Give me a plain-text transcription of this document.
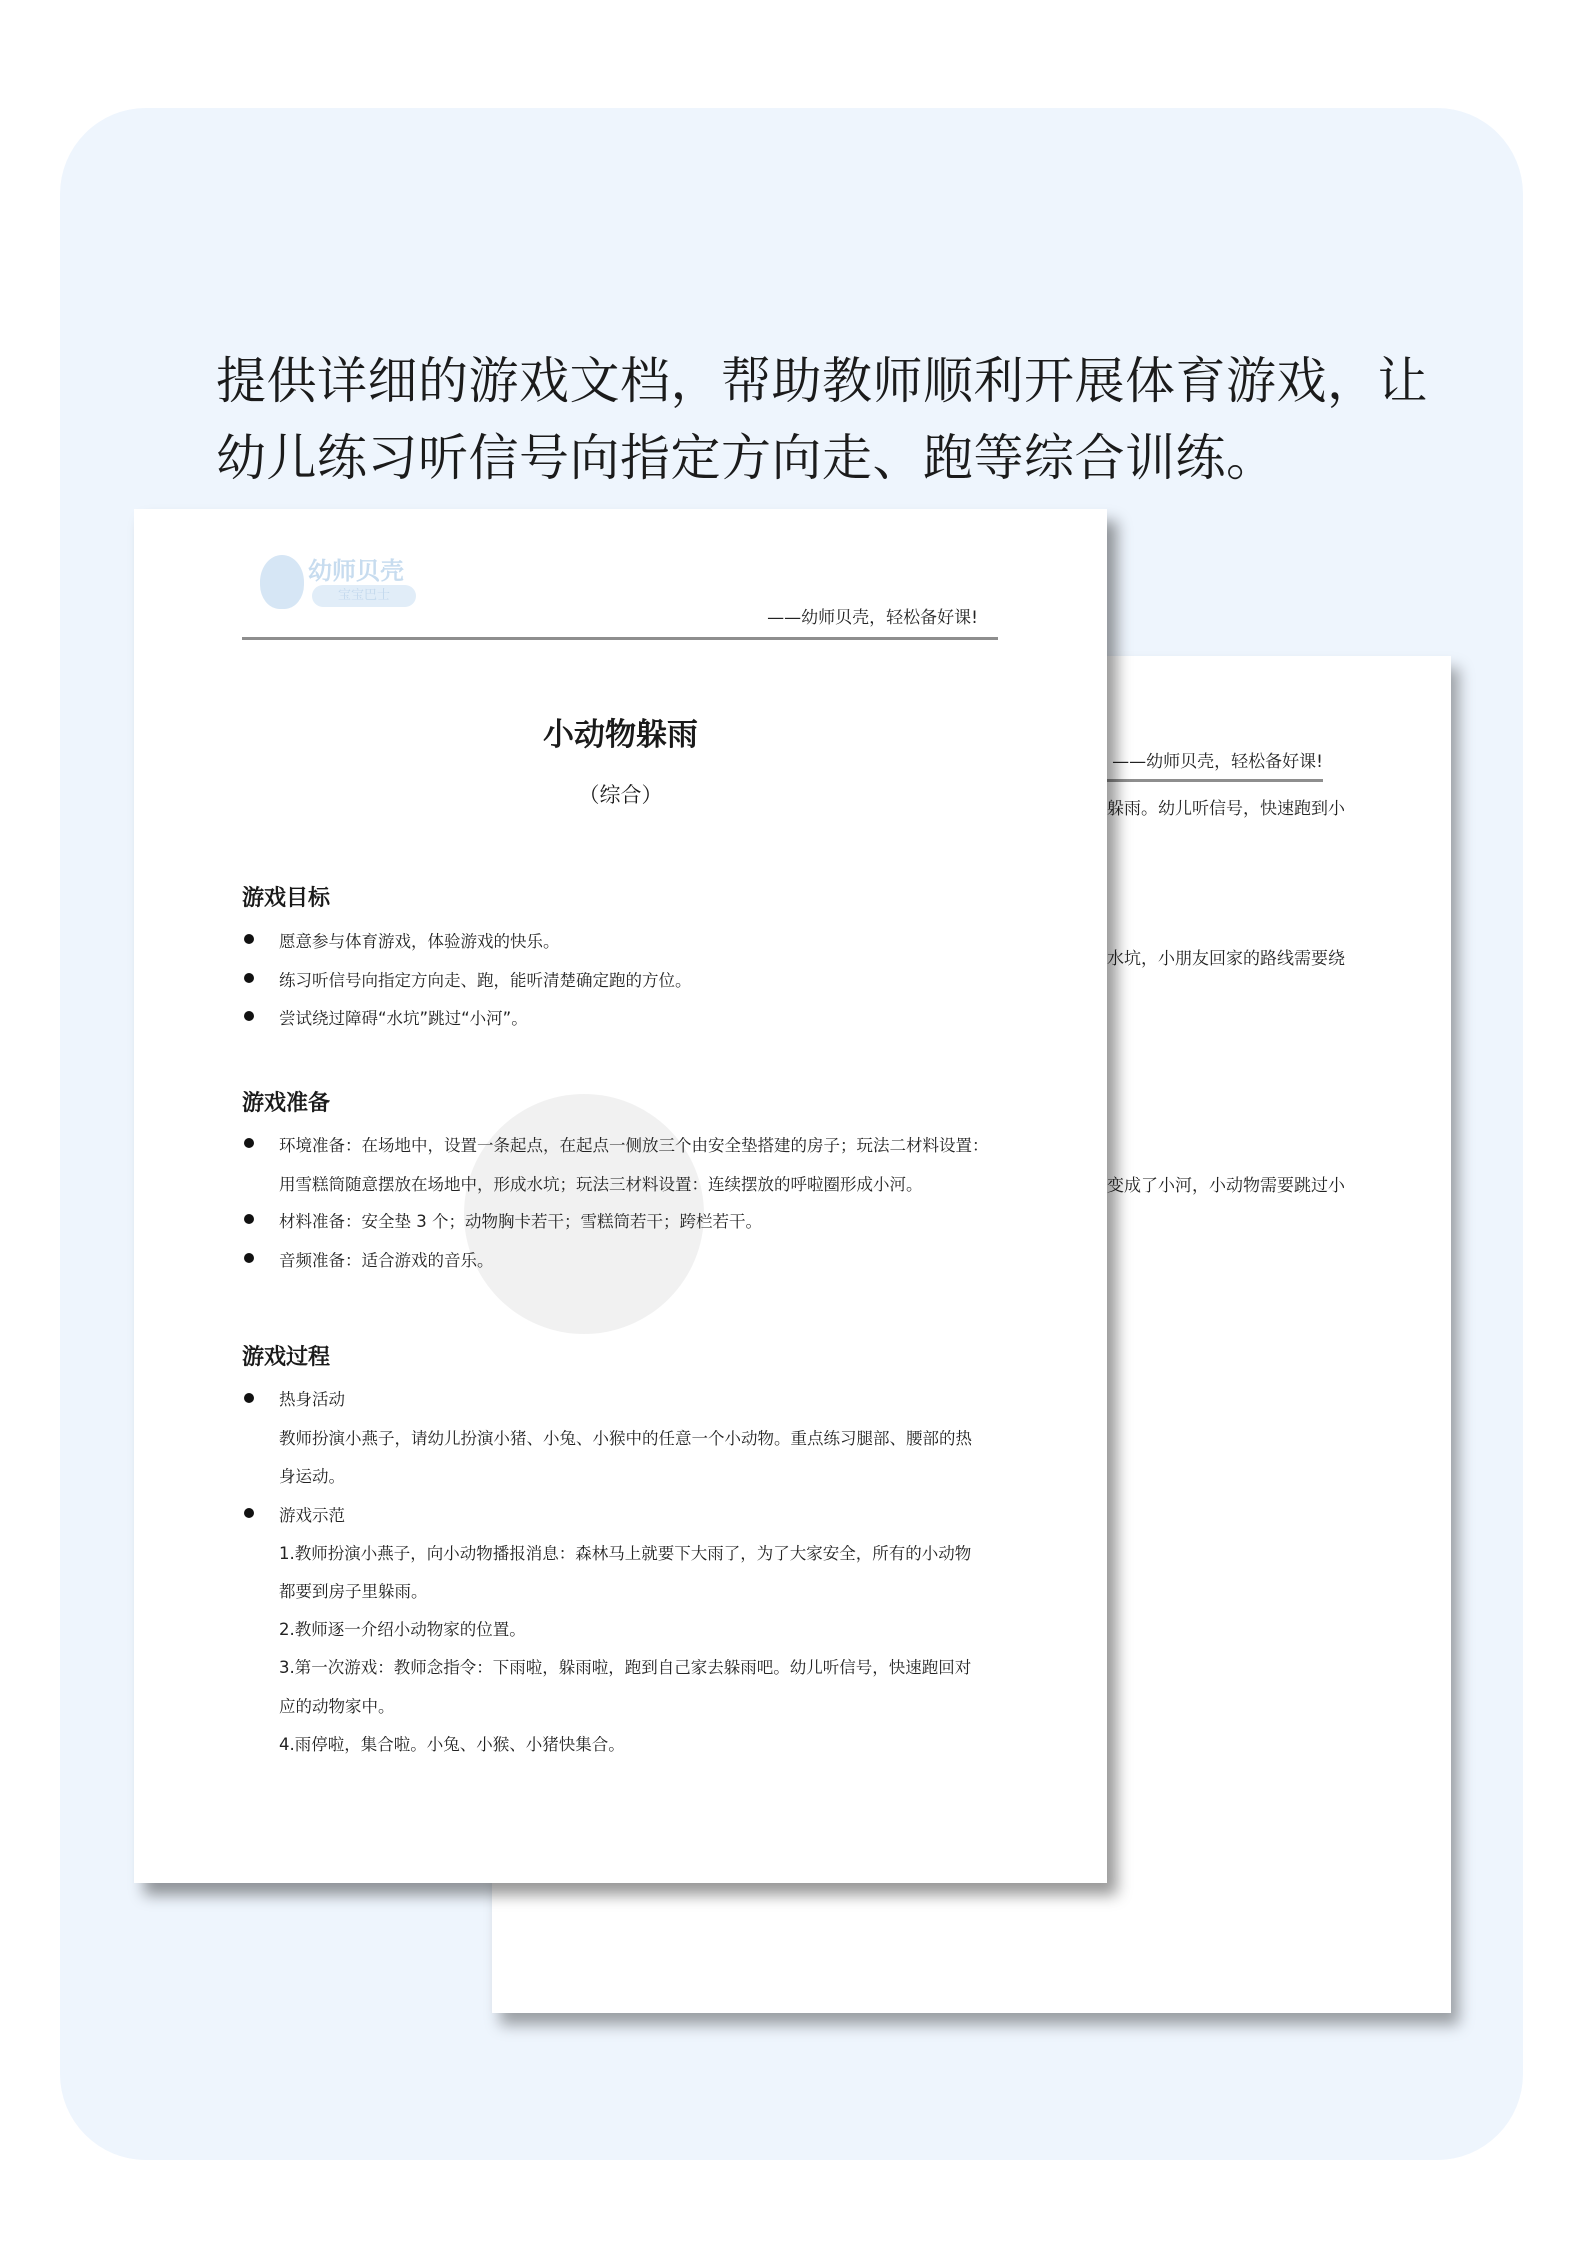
提供详细的游戏文档，帮助教师顺利开展体育游戏，让
幼儿练习听信号向指定方向走、跑等综合训练。
——幼师贝壳，轻松备好课!
躲雨。幼儿听信号，快速跑到小
水坑，小朋友回家的路线需要绕
变成了小河，小动物需要跳过小
幼师贝壳
宝宝巴士
——幼师贝壳，轻松备好课!
小动物躲雨
（综合）
游戏目标
愿意参与体育游戏，体验游戏的快乐。
练习听信号向指定方向走、跑，能听清楚确定跑的方位。
尝试绕过障碍“水坑”跳过“小河”。
游戏准备
环境准备：在场地中，设置一条起点，在起点一侧放三个由安全垫搭建的房子；玩法二材料设置：
用雪糕筒随意摆放在场地中，形成水坑；玩法三材料设置：连续摆放的呼啦圈形成小河。
材料准备：安全垫 3 个；动物胸卡若干；雪糕筒若干；跨栏若干。
音频准备：适合游戏的音乐。
游戏过程
热身活动
教师扮演小燕子，请幼儿扮演小猪、小兔、小猴中的任意一个小动物。重点练习腿部、腰部的热
身运动。
游戏示范
1.教师扮演小燕子，向小动物播报消息：森林马上就要下大雨了，为了大家安全，所有的小动物
都要到房子里躲雨。
2.教师逐一介绍小动物家的位置。
3.第一次游戏：教师念指令：下雨啦，躲雨啦，跑到自己家去躲雨吧。幼儿听信号，快速跑回对
应的动物家中。
4.雨停啦，集合啦。小兔、小猴、小猪快集合。
